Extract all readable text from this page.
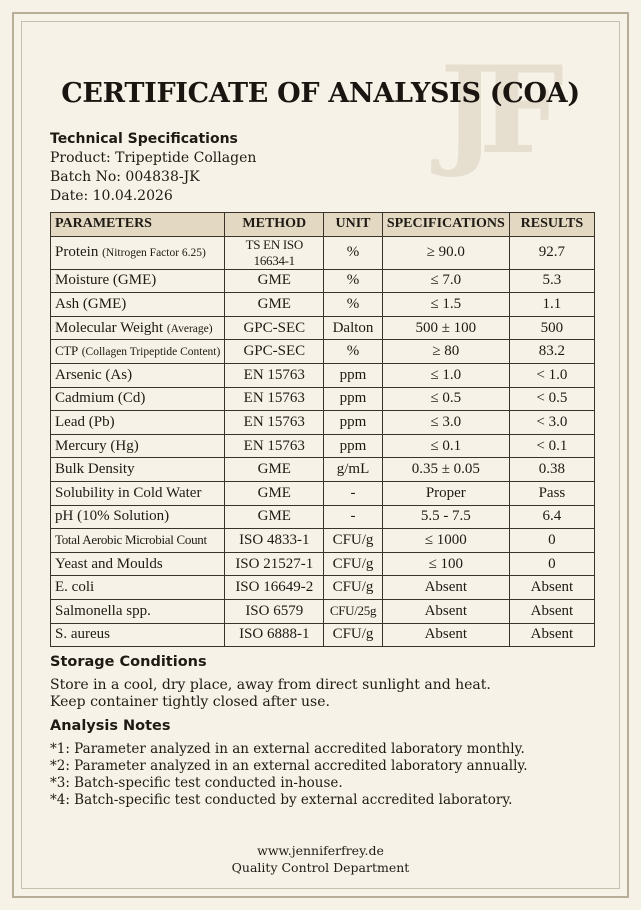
JF
CERTIFICATE OF ANALYSIS (COA)
Technical Specifications
Product: Tripeptide Collagen
Batch No: 004838-JK
Date: 10.04.2026
PARAMETERS	METHOD	UNIT	SPECIFICATIONS	RESULTS
Protein (Nitrogen Factor 6.25)	TS EN ISO 16634-1	%	≥ 90.0	92.7
Moisture (GME)	GME	%	≤ 7.0	5.3
Ash (GME)	GME	%	≤ 1.5	1.1
Molecular Weight (Average)	GPC-SEC	Dalton	500 ± 100	500
CTP (Collagen Tripeptide Content)	GPC-SEC	%	≥ 80	83.2
Arsenic (As)	EN 15763	ppm	≤ 1.0	< 1.0
Cadmium (Cd)	EN 15763	ppm	≤ 0.5	< 0.5
Lead (Pb)	EN 15763	ppm	≤ 3.0	< 3.0
Mercury (Hg)	EN 15763	ppm	≤ 0.1	< 0.1
Bulk Density	GME	g/mL	0.35 ± 0.05	0.38
Solubility in Cold Water	GME	-	Proper	Pass
pH (10% Solution)	GME	-	5.5 - 7.5	6.4
Total Aerobic Microbial Count	ISO 4833-1	CFU/g	≤ 1000	0
Yeast and Moulds	ISO 21527-1	CFU/g	≤ 100	0
E. coli	ISO 16649-2	CFU/g	Absent	Absent
Salmonella spp.	ISO 6579	CFU/25g	Absent	Absent
S. aureus	ISO 6888-1	CFU/g	Absent	Absent
Storage Conditions
Store in a cool, dry place, away from direct sunlight and heat.
Keep container tightly closed after use.
Analysis Notes
*1: Parameter analyzed in an external accredited laboratory monthly.
*2: Parameter analyzed in an external accredited laboratory annually.
*3: Batch-specific test conducted in-house.
*4: Batch-specific test conducted by external accredited laboratory.
www.jenniferfrey.de
Quality Control Department
